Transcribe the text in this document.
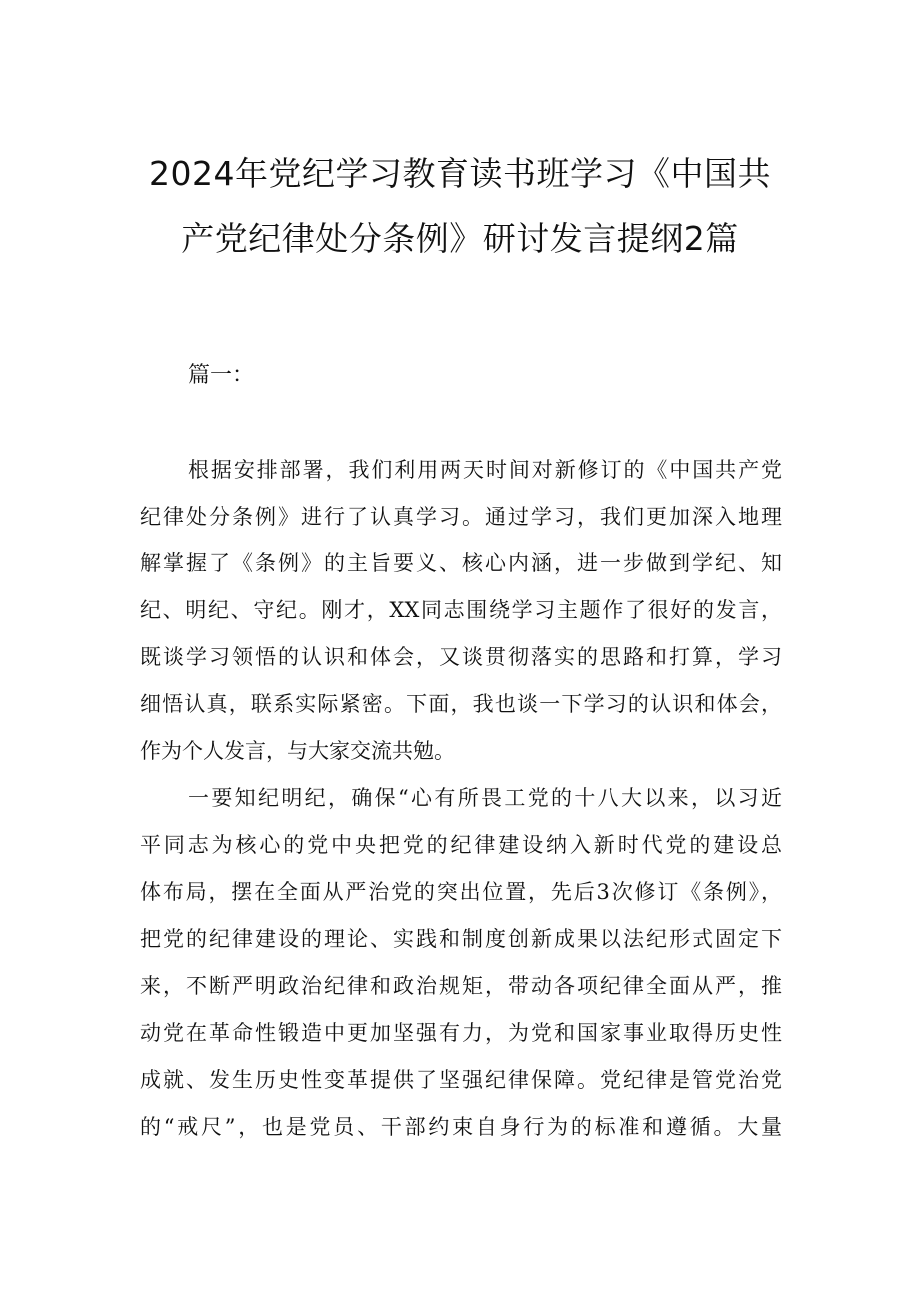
2024年党纪学习教育读书班学习《中国共
产党纪律处分条例》研讨发言提纲2篇
篇一：
根据安排部署，我们利用两天时间对新修订的《中国共产党
纪律处分条例》进行了认真学习。通过学习，我们更加深入地理
解掌握了《条例》的主旨要义、核心内涵，进一步做到学纪、知
纪、明纪、守纪。刚才，XX同志围绕学习主题作了很好的发言，
既谈学习领悟的认识和体会，又谈贯彻落实的思路和打算，学习
细悟认真，联系实际紧密。下面，我也谈一下学习的认识和体会，
作为个人发言，与大家交流共勉。
一要知纪明纪，确保“心有所畏工党的十八大以来，以习近
平同志为核心的党中央把党的纪律建设纳入新时代党的建设总
体布局，摆在全面从严治党的突出位置，先后3次修订《条例》，
把党的纪律建设的理论、实践和制度创新成果以法纪形式固定下
来，不断严明政治纪律和政治规矩，带动各项纪律全面从严，推
动党在革命性锻造中更加坚强有力，为党和国家事业取得历史性
成就、发生历史性变革提供了坚强纪律保障。党纪律是管党治党
的“戒尺”，也是党员、干部约束自身行为的标准和遵循。大量
